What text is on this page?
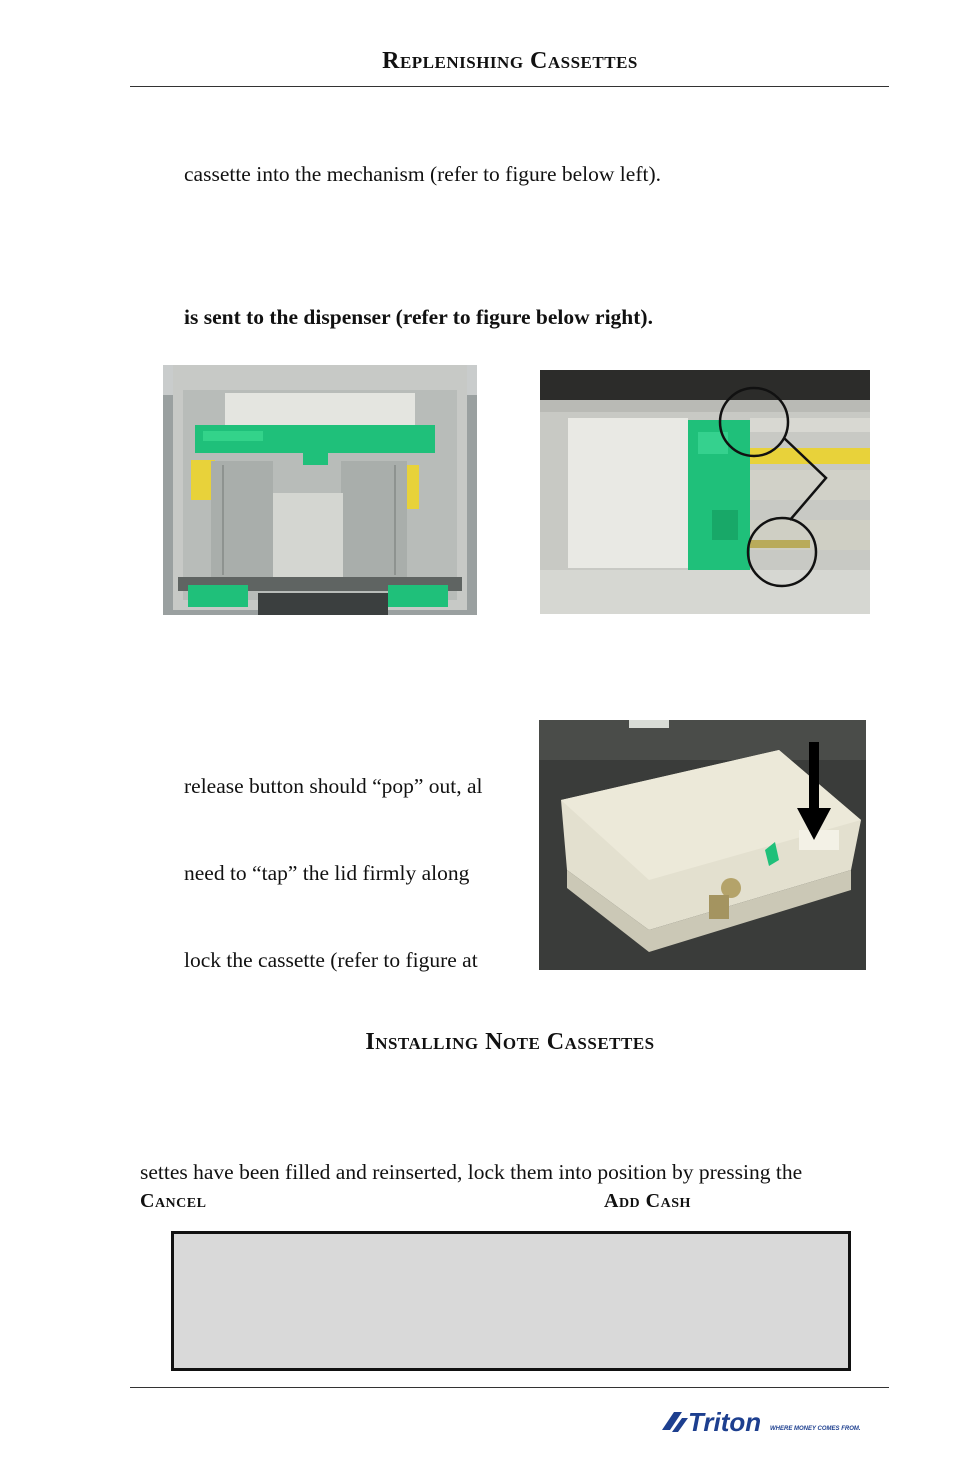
Replenishing Cassettes
cassette into the mechanism (refer to figure below left).
is sent to the dispenser (refer to figure below right).
release button should “pop” out, al
need to “tap” the lid firmly along
lock the cassette (refer to figure at
Installing Note Cassettes
settes have been filled and reinserted, lock them into position by pressing the
Cancel	Add Cash
Triton WHERE MONEY COMES FROM.
